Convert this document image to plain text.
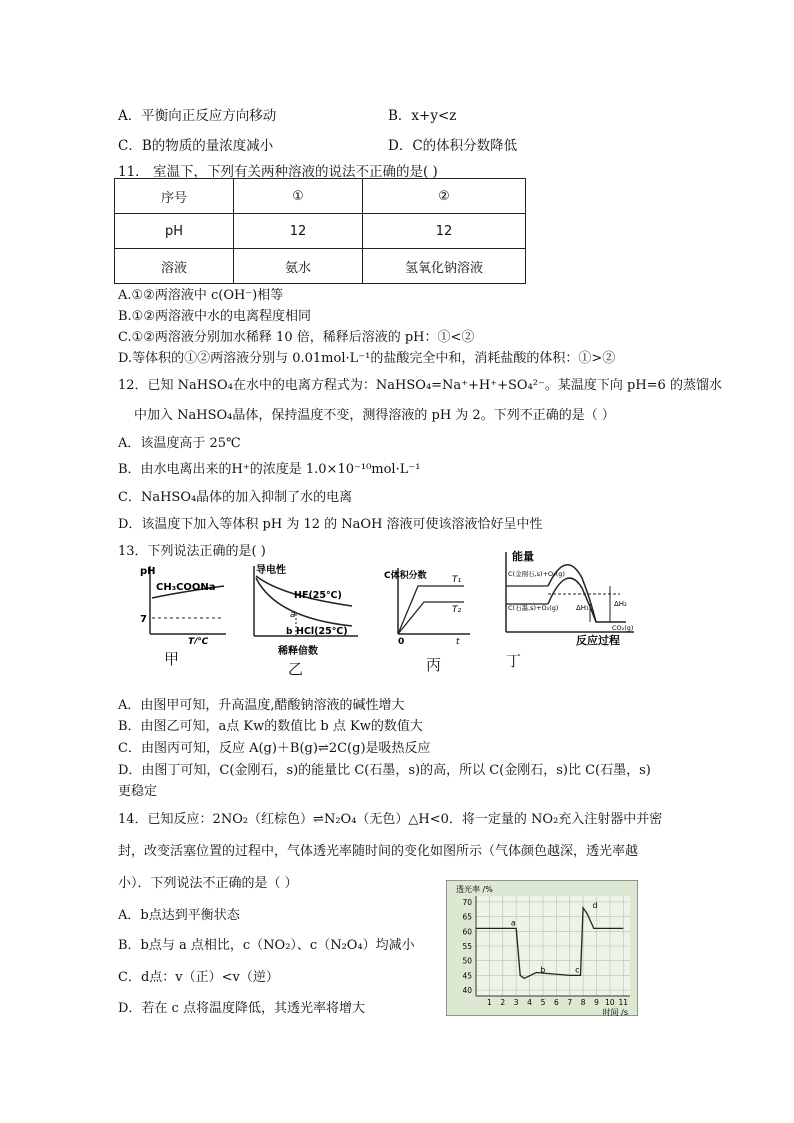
A．平衡向正反应方向移动	B．x+y<z
C．B的物质的量浓度减小	D．C的体积分数降低
11． 室温下，下列有关两种溶液的说法不正确的是( )
序号	①	②
pH	12	12
溶液	氨水	氢氧化钠溶液
A.①②两溶液中 c(OH⁻)相等
B.①②两溶液中水的电离程度相同
C.①②两溶液分别加水稀释 10 倍，稀释后溶液的 pH：①<②
D.等体积的①②两溶液分别与 0.01mol·L⁻¹的盐酸完全中和，消耗盐酸的体积：①>②
12．已知 NaHSO₄在水中的电离方程式为：NaHSO₄=Na⁺+H⁺+SO₄²⁻。某温度下向 pH=6 的蒸馏水
中加入 NaHSO₄晶体，保持温度不变，测得溶液的 pH 为 2。下列不正确的是（ ）
A．该温度高于 25℃
B．由水电离出来的H⁺的浓度是 1.0×10⁻¹⁰mol·L⁻¹
C．NaHSO₄晶体的加入抑制了水的电离
D．该温度下加入等体积 pH 为 12 的 NaOH 溶液可使该溶液恰好呈中性
13．下列说法正确的是( )
pH
CH₃COONa
7
T/℃
甲
导电性
HF(25℃)
a
b HCl(25℃)
稀释倍数
乙
C体积分数	T₁
T₂
0	t
丙
能量
C(金刚石,s)+O₂(g)
C(石墨,s)+O₂(g)
CO₂(g)
ΔH₁	ΔH₂
反应过程
丁
A．由图甲可知，升高温度,醋酸钠溶液的碱性增大
B．由图乙可知，a点 Kw的数值比 b 点 Kw的数值大
C．由图丙可知，反应 A(g)＋B(g)⇌2C(g)是吸热反应
D．由图丁可知，C(金刚石，s)的能量比 C(石墨，s)的高，所以 C(金刚石，s)比 C(石墨，s)
更稳定
14．已知反应：2NO₂（红棕色）⇌N₂O₄（无色）△H<0．将一定量的 NO₂充入注射器中并密
封，改变活塞位置的过程中，气体透光率随时间的变化如图所示（气体颜色越深，透光率越
小）．下列说法不正确的是（ ）
A．b点达到平衡状态
B．b点与 a 点相比，c（NO₂）、c（N₂O₄）均减小
C．d点：v（正）<v（逆）
D．若在 c 点将温度降低，其透光率将增大
透光率 /%
40
45
50
55
60
65
70
1 2 3 4 5 6 7 8 9 10 11
时间 /s
a
b	c
d
